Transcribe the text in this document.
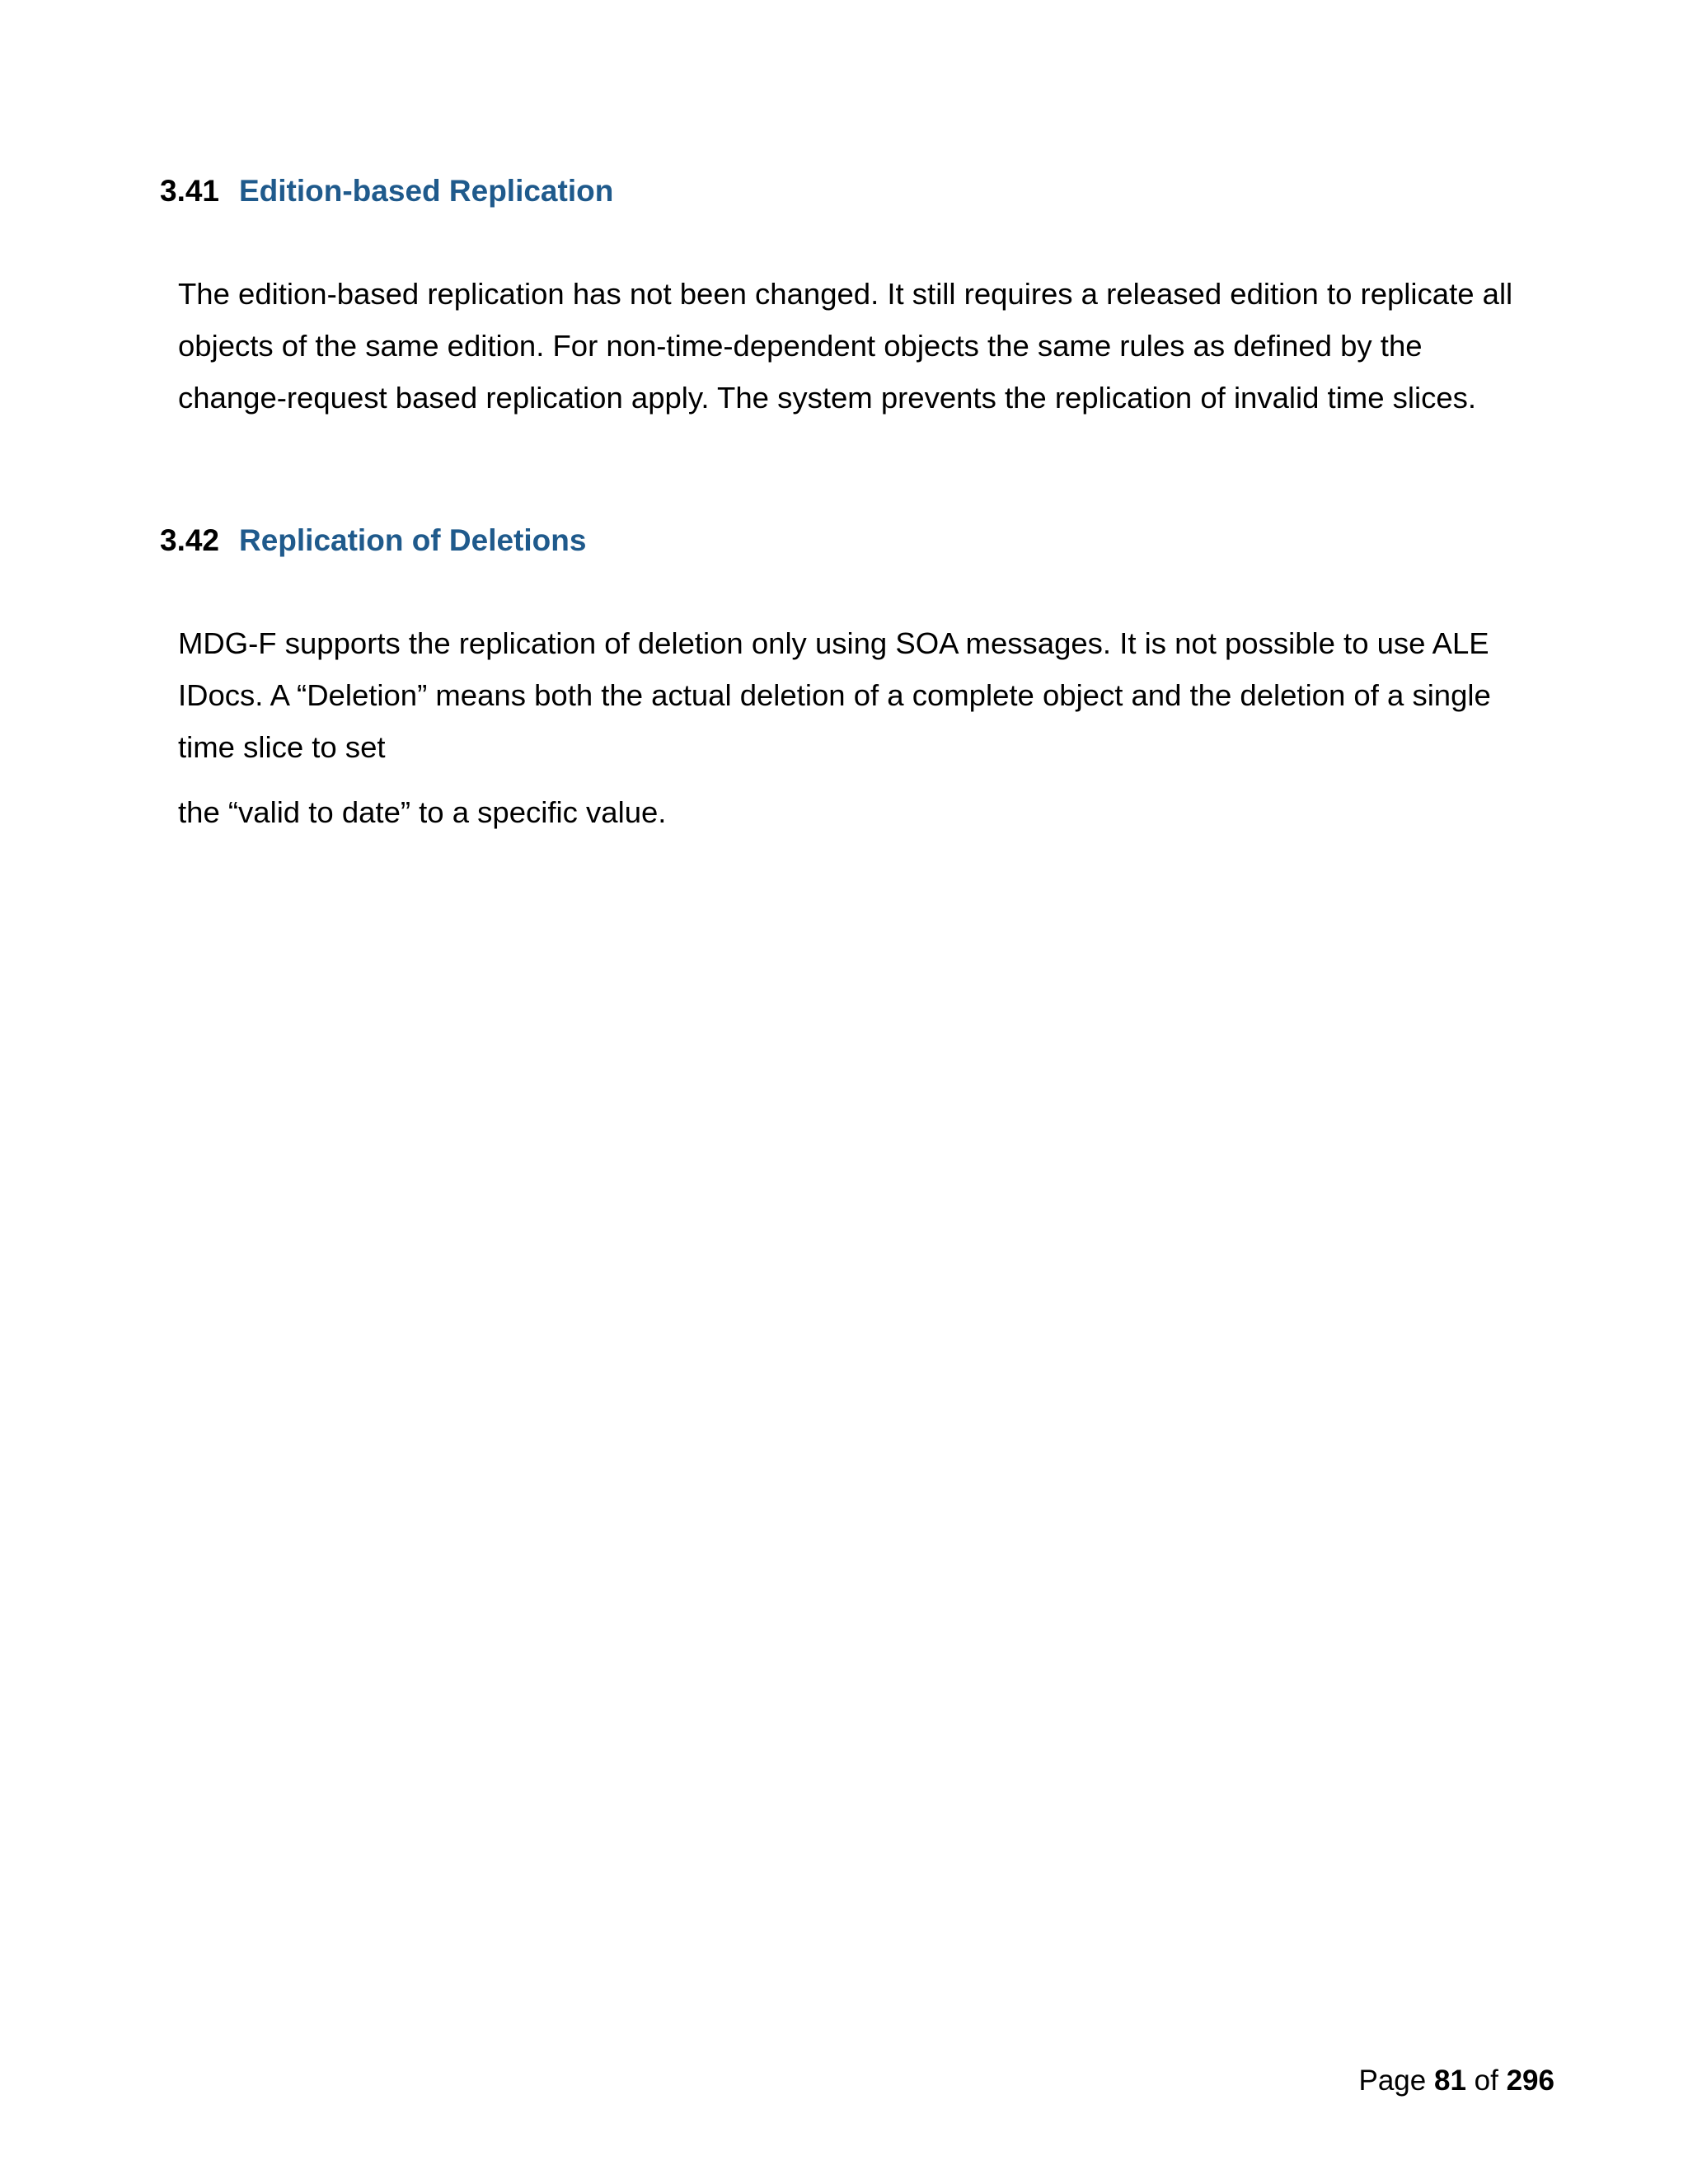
3.41 Edition-based Replication

The edition-based replication has not been changed. It still requires a released edition to replicate all objects of the same edition. For non-time-dependent objects the same rules as defined by the change-request based replication apply. The system prevents the replication of invalid time slices.

3.42 Replication of Deletions

MDG-F supports the replication of deletion only using SOA messages. It is not possible to use ALE IDocs. A “Deletion” means both the actual deletion of a complete object and the deletion of a single time slice to set

the “valid to date” to a specific value.

Page 81 of 296
